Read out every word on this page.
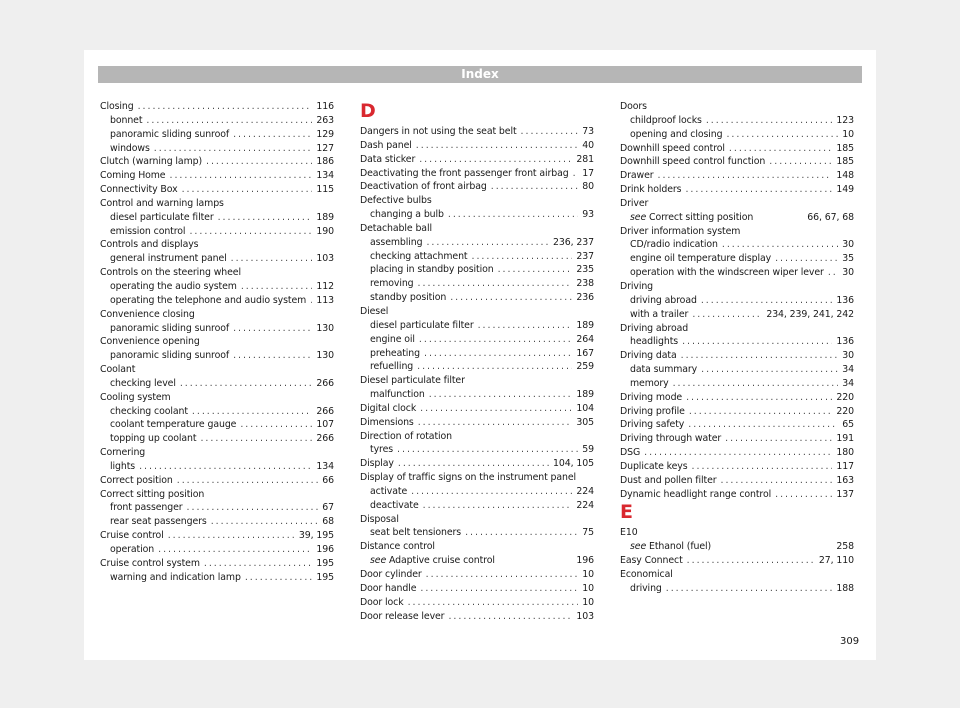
Index
Closing . . .	116
bonnet . . .	263
panoramic sliding sunroof . . .	129
windows . . .	127
Clutch (warning lamp) . . .	186
Coming Home . . .	134
Connectivity Box . . .	115
Control and warning lamps
diesel particulate filter . . .	189
emission control . . .	190
Controls and displays
general instrument panel . . .	103
Controls on the steering wheel
operating the audio system . . .	112
operating the telephone and audio system . . . 113
Convenience closing
panoramic sliding sunroof . . .	130
Convenience opening
panoramic sliding sunroof . . .	130
Coolant
checking level . . .	266
Cooling system
checking coolant . . .	266
coolant temperature gauge . . .	107
topping up coolant . . .	266
Cornering
lights . . .	134
Correct position . . .	66
Correct sitting position
front passenger . . .	67
rear seat passengers . . .	68
Cruise control . . .	39, 195
operation . . .	196
Cruise control system . . .	195
warning and indication lamp . . .	195
D
Dangers in not using the seat belt . . .	73
Dash panel . . .	40
Data sticker . . .	281
Deactivating the front passenger front airbag . . . 17
Deactivation of front airbag . . .	80
Defective bulbs
changing a bulb . . .	93
Detachable ball
assembling . . .	236, 237
checking attachment . . .	237
placing in standby position . . .	235
removing . . .	238
standby position . . .	236
Diesel
diesel particulate filter . . .	189
engine oil . . .	264
preheating . . .	167
refuelling . . .	259
Diesel particulate filter
malfunction . . .	189
Digital clock . . .	104
Dimensions . . .	305
Direction of rotation
tyres . . .	59
Display . . .	104, 105
Display of traffic signs on the instrument panel
activate . . .	224
deactivate . . .	224
Disposal
seat belt tensioners . . .	75
Distance control
see Adaptive cruise control	196
Door cylinder . . .	10
Door handle . . .	10
Door lock . . .	10
Door release lever . . .	103
Doors
childproof locks . . .	123
opening and closing . . .	10
Downhill speed control . . .	185
Downhill speed control function . . .	185
Drawer . . .	148
Drink holders . . .	149
Driver
see Correct sitting position	66, 67, 68
Driver information system
CD/radio indication . . .	30
engine oil temperature display . . .	35
operation with the windscreen wiper lever . . . 30
Driving
driving abroad . . .	136
with a trailer . . .	234, 239, 241, 242
Driving abroad
headlights . . .	136
Driving data . . .	30
data summary . . .	34
memory . . .	34
Driving mode . . .	220
Driving profile . . .	220
Driving safety . . .	65
Driving through water . . .	191
DSG . . .	180
Duplicate keys . . .	117
Dust and pollen filter . . .	163
Dynamic headlight range control . . .	137
E
E10
see Ethanol (fuel)	258
Easy Connect . . .	27, 110
Economical
driving . . .	188
309
